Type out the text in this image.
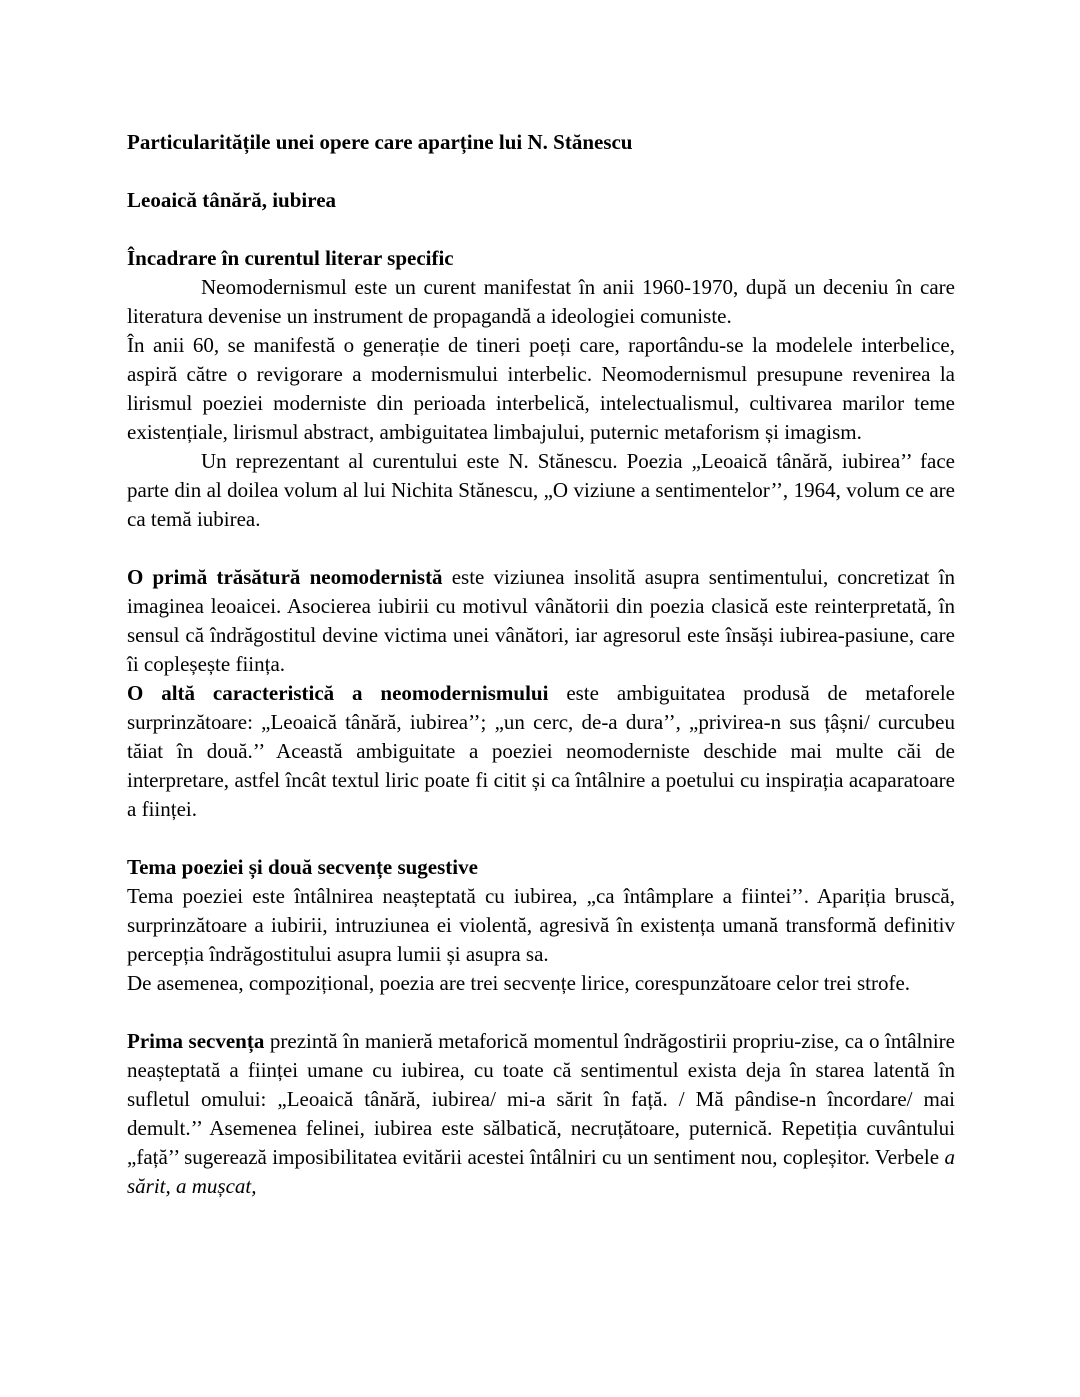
Particularitățile unei opere care aparține lui N. Stănescu

Leoaică tânără, iubirea

Încadrare în curentul literar specific

Neomodernismul este un curent manifestat în anii 1960-1970, după un deceniu în care literatura devenise un instrument de propagandă a ideologiei comuniste.

În anii 60, se manifestă o generație de tineri poeți care, raportându-se la modelele interbelice, aspiră către o revigorare a modernismului interbelic. Neomodernismul presupune revenirea la lirismul poeziei moderniste din perioada interbelică, intelectualismul, cultivarea marilor teme existențiale, lirismul abstract, ambiguitatea limbajului, puternic metaforism și imagism.

Un reprezentant al curentului este N. Stănescu. Poezia „Leoaică tânără, iubirea’’ face parte din al doilea volum al lui Nichita Stănescu, „O viziune a sentimentelor’’, 1964, volum ce are ca temă iubirea.

O primă trăsătură neomodernistă este viziunea insolită asupra sentimentului, concretizat în imaginea leoaicei. Asocierea iubirii cu motivul vânătorii din poezia clasică este reinterpretată, în sensul că îndrăgostitul devine victima unei vânători, iar agresorul este însăși iubirea-pasiune, care îi copleșește ființa.

O altă caracteristică a neomodernismului este ambiguitatea produsă de metaforele surprinzătoare: „Leoaică tânără, iubirea’’; „un cerc, de-a dura’’, „privirea-n sus țâșni/ curcubeu tăiat în două.’’ Această ambiguitate a poeziei neomoderniste deschide mai multe căi de interpretare, astfel încât textul liric poate fi citit și ca întâlnire a poetului cu inspirația acaparatoare a ființei.

Tema poeziei și două secvențe sugestive

Tema poeziei este întâlnirea neașteptată cu iubirea, „ca întâmplare a fiintei’’. Apariția bruscă, surprinzătoare a iubirii, intruziunea ei violentă, agresivă în existența umană transformă definitiv percepția îndrăgostitului asupra lumii și asupra sa.

De asemenea, compozițional, poezia are trei secvențe lirice, corespunzătoare celor trei strofe.

Prima secvența prezintă în manieră metaforică momentul îndrăgostirii propriu-zise, ca o întâlnire neașteptată a ființei umane cu iubirea, cu toate că sentimentul exista deja în starea latentă în sufletul omului: „Leoaică tânără, iubirea/ mi-a sărit în față. / Mă pândise-n încordare/ mai demult.’’ Asemenea felinei, iubirea este sălbatică, necruțătoare, puternică. Repetiția cuvântului „față’’ sugerează imposibilitatea evitării acestei întâlniri cu un sentiment nou, copleșitor. Verbele a sărit, a mușcat,
